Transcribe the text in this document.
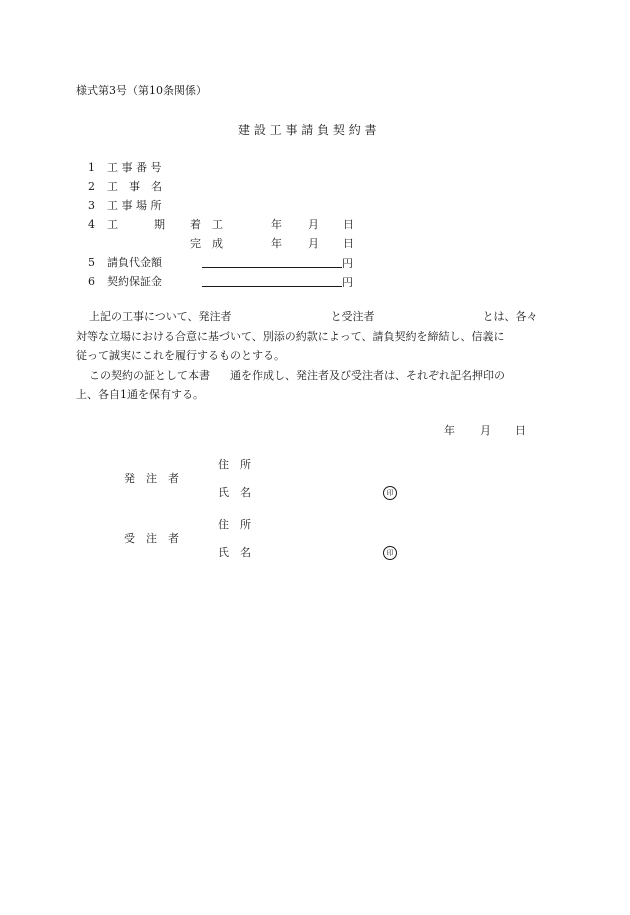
様式第3号（第10条関係）
建 設 工 事 請 負 契 約 書
1 工 事 番 号
2 工　事　名
3 工 事 場 所
4 工	期 着　工	年 月 日
完　成	年 月 日
5 請負代金額	円
6 契約保証金	円
上記の工事について、発注者	と受注者	とは、各々
対等な立場における合意に基づいて、別添の約款によって、請負契約を締結し、信義に
従って誠実にこれを履行するものとする。
この契約の証として本書 通を作成し、発注者及び受注者は、それぞれ記名押印の
上、各自1通を保有する。
年 月 日
住　所
発　注　者
氏　名	印
住　所
受　注　者
氏　名	印
